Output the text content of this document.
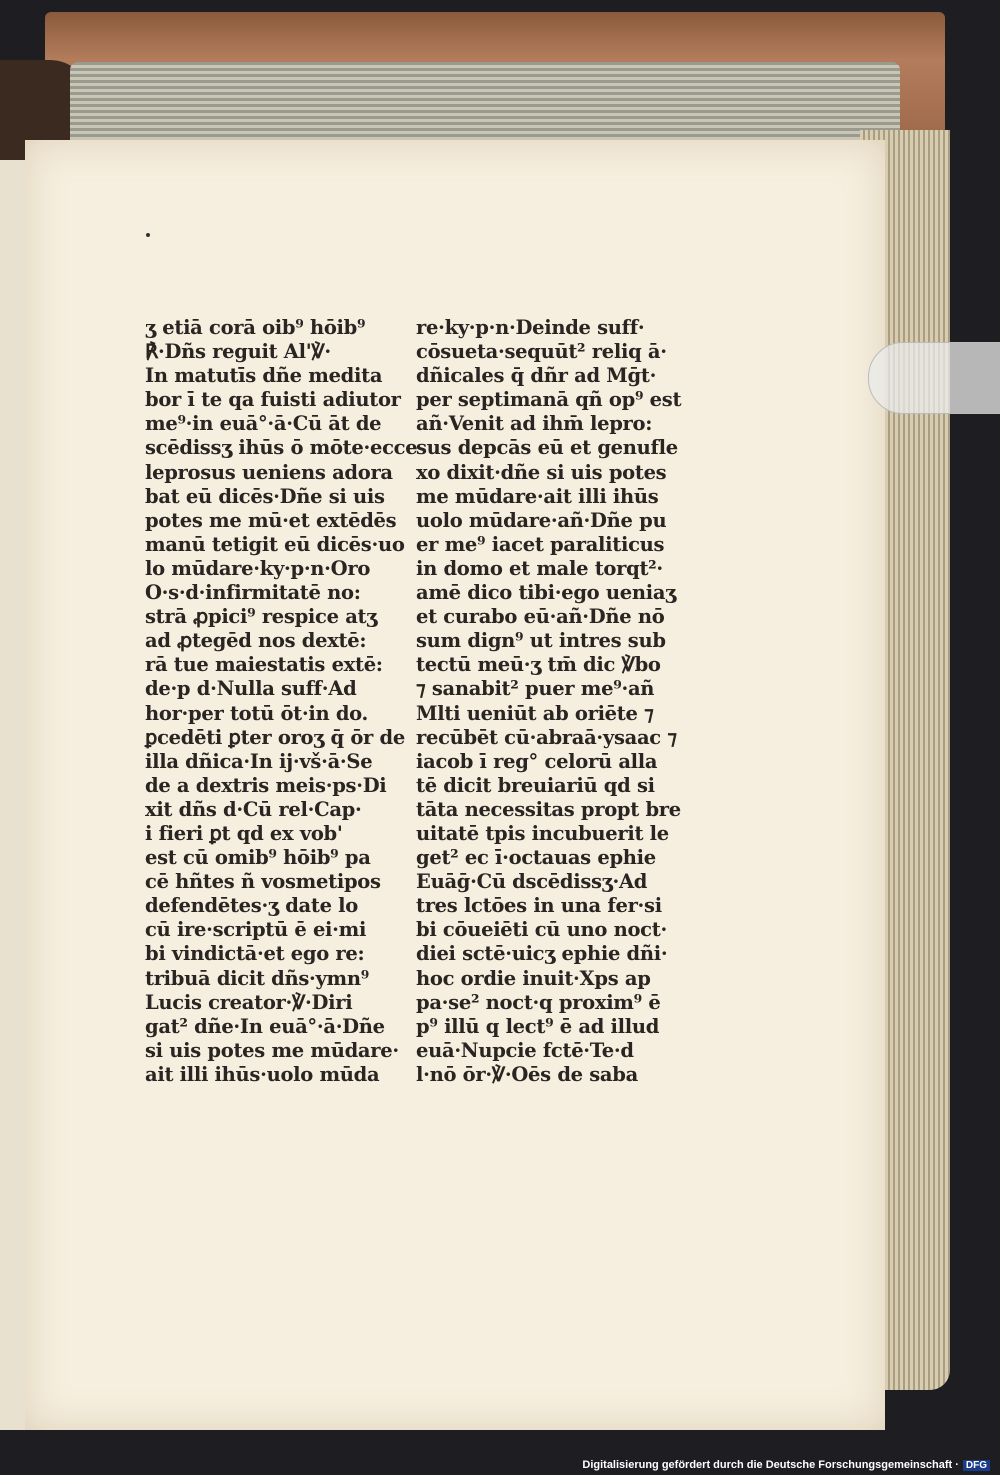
ʒ etiā corā oib⁹ hōib⁹
℟·Dñs reguit Al'℣·
In matutīs dñe medita
bor ī te qa fuisti adiutor
me⁹·in euā°·ā·Cū āt de
scēdissʒ ihūs ō mōte·ecce
leprosus ueniens adora
bat eū dicēs·Dñe si uis
potes me mū·et extēdēs
manū tetigit eū dicēs·uo
lo mūdare·ky·p·n·Oro
O·s·d·infirmitatē no:
strā ꝓpici⁹ respice atʒ
ad ꝓtegēd nos dextē:
rā tue maiestatis extē:
de·p d·Nulla suff·Ad
hor·per totū ōt·in do.
ꝑcedēti ꝑter oroʒ q̄ ōr de
illa dñica·In ij·vš·ā·Se
de a dextris meis·ps·Di
xit dñs d·Cū rel·Cap·
i fieri ꝑt qd ex vob'
est cū omib⁹ hōib⁹ pa
cē hñtes ñ vosmetipos
defendētes·ʒ date lo
cū ire·scriptū ē ei·mi
bi vindictā·et ego re:
tribuā dicit dñs·ymn⁹
Lucis creator·℣·Diri
gat² dñe·In euā°·ā·Dñe
si uis potes me mūdare·
ait illi ihūs·uolo mūda
re·ky·p·n·Deinde suff·
cōsueta·sequūt² reliq ā·
dñicales q̄ dñr ad Mḡt·
per septimanā qñ op⁹ est
añ·Venit ad ihm̄ lepro:
sus depcās eū et genufle
xo dixit·dñe si uis potes
me mūdare·ait illi ihūs
uolo mūdare·añ·Dñe pu
er me⁹ iacet paraliticus
in domo et male torqt²·
amē dico tibi·ego ueniaʒ
et curabo eū·añ·Dñe nō
sum dign⁹ ut intres sub
tectū meū·ʒ tm̄ dic ℣bo
⁊ sanabit² puer me⁹·añ
Mlti ueniūt ab oriēte ⁊
recūbēt cū·abraā·ysaac ⁊
iacob ī reg° celorū alla
tē dicit breuiariū qd si
tāta necessitas propt bre
uitatē tpis incubuerit le
get² ec ī·octauas ephie
Euāḡ·Cū dscēdissʒ·Ad
tres lctōes in una fer·si
bi cōueiēti cū uno noct·
diei sctē·uicʒ ephie dñi·
hoc ordie inuit·Xps ap
pa·se² noct·q proxim⁹ ē
p⁹ illū q lect⁹ ē ad illud
euā·Nupcie fctē·Te·d
l·nō ōr·℣·Oēs de saba
Digitalisierung gefördert durch die Deutsche Forschungsgemeinschaft · DFG
